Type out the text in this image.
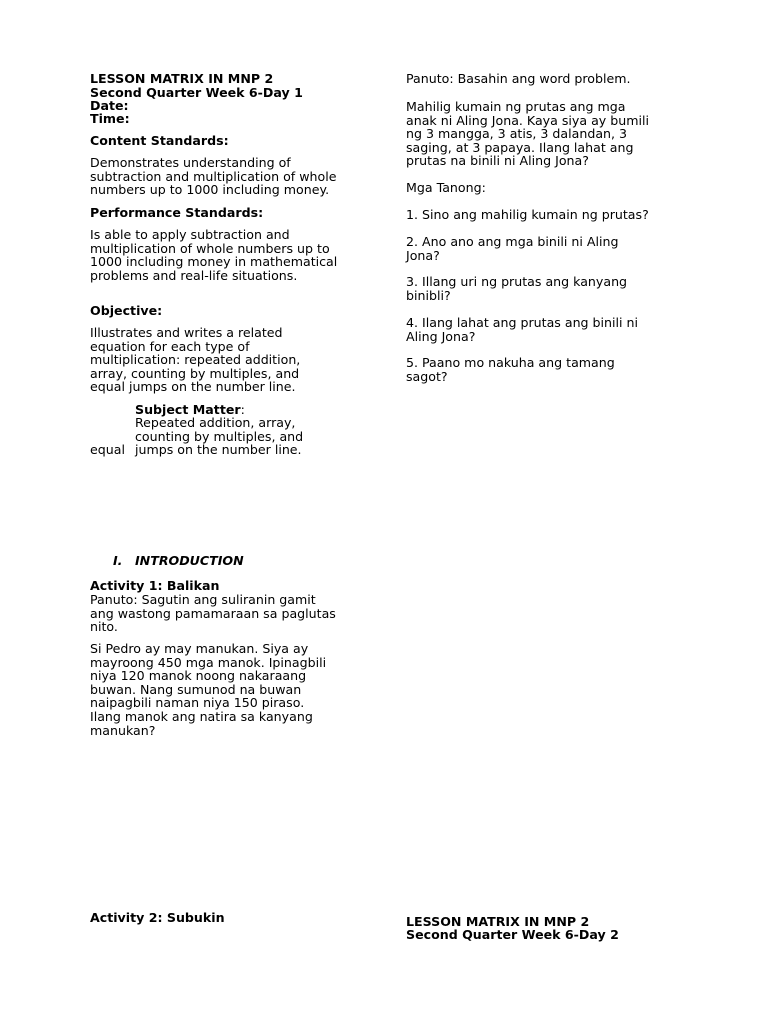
LESSON MATRIX IN MNP 2
Second Quarter Week 6-Day 1
Date:
Time:
Content Standards:
Demonstrates understanding of
subtraction and multiplication of whole
numbers up to 1000 including money.
Performance Standards:
Is able to apply subtraction and
multiplication of whole numbers up to
1000 including money in mathematical
problems and real-life situations.
Objective:
Illustrates and writes a related
equation for each type of
multiplication: repeated addition,
array, counting by multiples, and
equal jumps on the number line.
Subject Matter:
Repeated addition, array,
counting by multiples, and
equal jumps on the number line.
I. INTRODUCTION
Activity 1: Balikan
Panuto: Sagutin ang suliranin gamit
ang wastong pamamaraan sa paglutas
nito.
Si Pedro ay may manukan. Siya ay
mayroong 450 mga manok. Ipinagbili
niya 120 manok noong nakaraang
buwan. Nang sumunod na buwan
naipagbili naman niya 150 piraso.
Ilang manok ang natira sa kanyang
manukan?
Activity 2: Subukin
Panuto: Basahin ang word problem.
Mahilig kumain ng prutas ang mga
anak ni Aling Jona. Kaya siya ay bumili
ng 3 mangga, 3 atis, 3 dalandan, 3
saging, at 3 papaya. Ilang lahat ang
prutas na binili ni Aling Jona?
Mga Tanong:
1. Sino ang mahilig kumain ng prutas?
2. Ano ano ang mga binili ni Aling
Jona?
3. Illang uri ng prutas ang kanyang
binibli?
4. Ilang lahat ang prutas ang binili ni
Aling Jona?
5. Paano mo nakuha ang tamang
sagot?
LESSON MATRIX IN MNP 2
Second Quarter Week 6-Day 2
